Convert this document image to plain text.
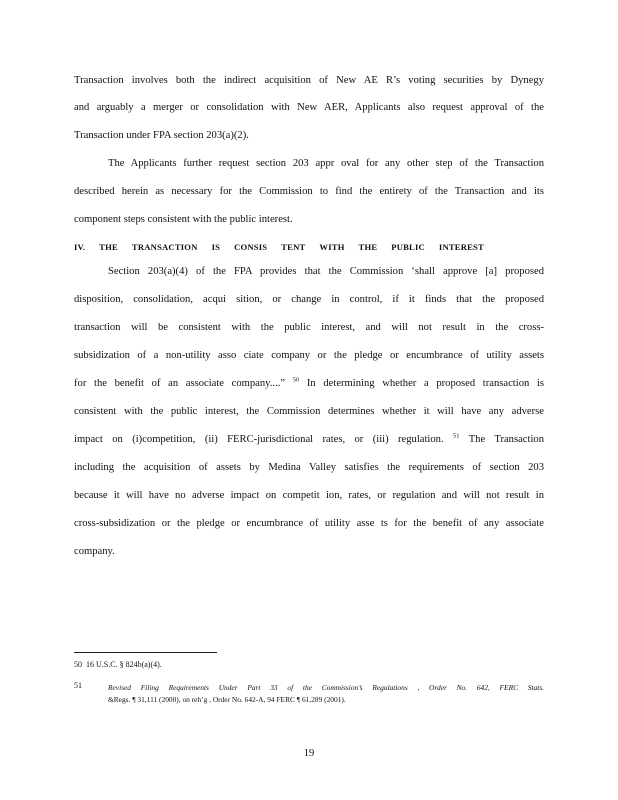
Transaction involves both the indirect acquisition of New AE R’s voting securities by Dynegy
and arguably a merger or consolidation with New AER, Applicants also request approval of the
Transaction under FPA section 203(a)(2).
The Applicants further request section 203 appr oval for any other step of the Transaction
described herein as necessary for the Commission to find the entirety of the Transaction and its
component steps consistent with the public interest.
IV. THE TRANSACTION IS CONSIS TENT WITH THE PUBLIC INTEREST
Section 203(a)(4) of the FPA provides that the Commission ‘shall approve [a] proposed
disposition, consolidation, acqui sition, or change in control, if it finds that the proposed
transaction will be consistent with the public interest, and will not result in the cross-
subsidization of a non-utility asso ciate company or the pledge or encumbrance of utility assets
for the benefit of an associate company....” $^{50}$ In determining whether a proposed transaction is
consistent with the public interest, the Commission determines whether it will have any adverse
impact on (i)competition, (ii) FERC-jurisdictional rates, or (iii) regulation. $^{51}$ The Transaction
including the acquisition of assets by Medina Valley satisfies the requirements of section 203
because it will have no adverse impact on competit ion, rates, or regulation and will not result in
cross-subsidization or the pledge or encumbrance of utility asse ts for the benefit of any associate
company.
50 16 U.S.C. § 824b(a)(4).
51	Revised Filing Requirements Under Part 33 of the Commission’s Regulations , Order No. 642, FERC Stats.
&Regs. ¶ 31,111 (2000), on reh’g , Order No. 642-A, 94 FERC ¶ 61,289 (2001).
19
